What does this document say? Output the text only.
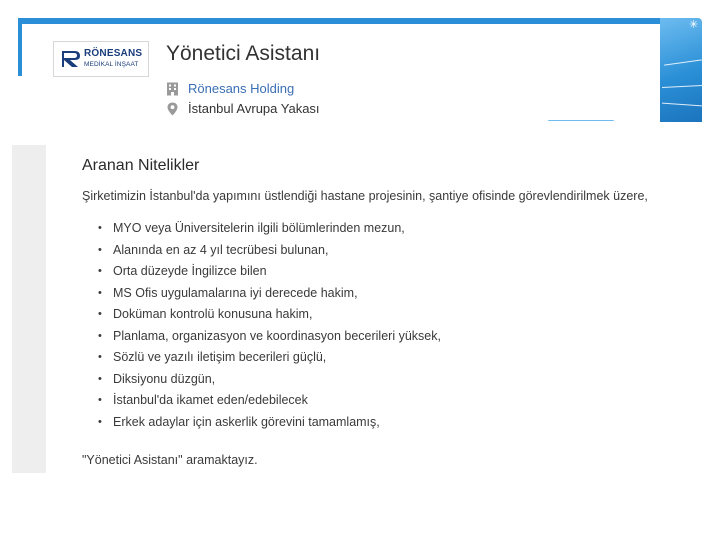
✳
RÖNESANS
MEDİKAL İNŞAAT Yönetici Asistanı
Rönesans Holding
İstanbul Avrupa Yakası
Aranan Nitelikler
Şirketimizin İstanbul'da yapımını üstlendiği hastane projesinin, şantiye ofisinde görevlendirilmek üzere,
• MYO veya Üniversitelerin ilgili bölümlerinden mezun,
• Alanında en az 4 yıl tecrübesi bulunan,
• Orta düzeyde İngilizce bilen
• MS Ofis uygulamalarına iyi derecede hakim,
• Doküman kontrolü konusuna hakim,
• Planlama, organizasyon ve koordinasyon becerileri yüksek,
• Sözlü ve yazılı iletişim becerileri güçlü,
• Diksiyonu düzgün,
• İstanbul'da ikamet eden/edebilecek
• Erkek adaylar için askerlik görevini tamamlamış,
"Yönetici Asistanı" aramaktayız.
